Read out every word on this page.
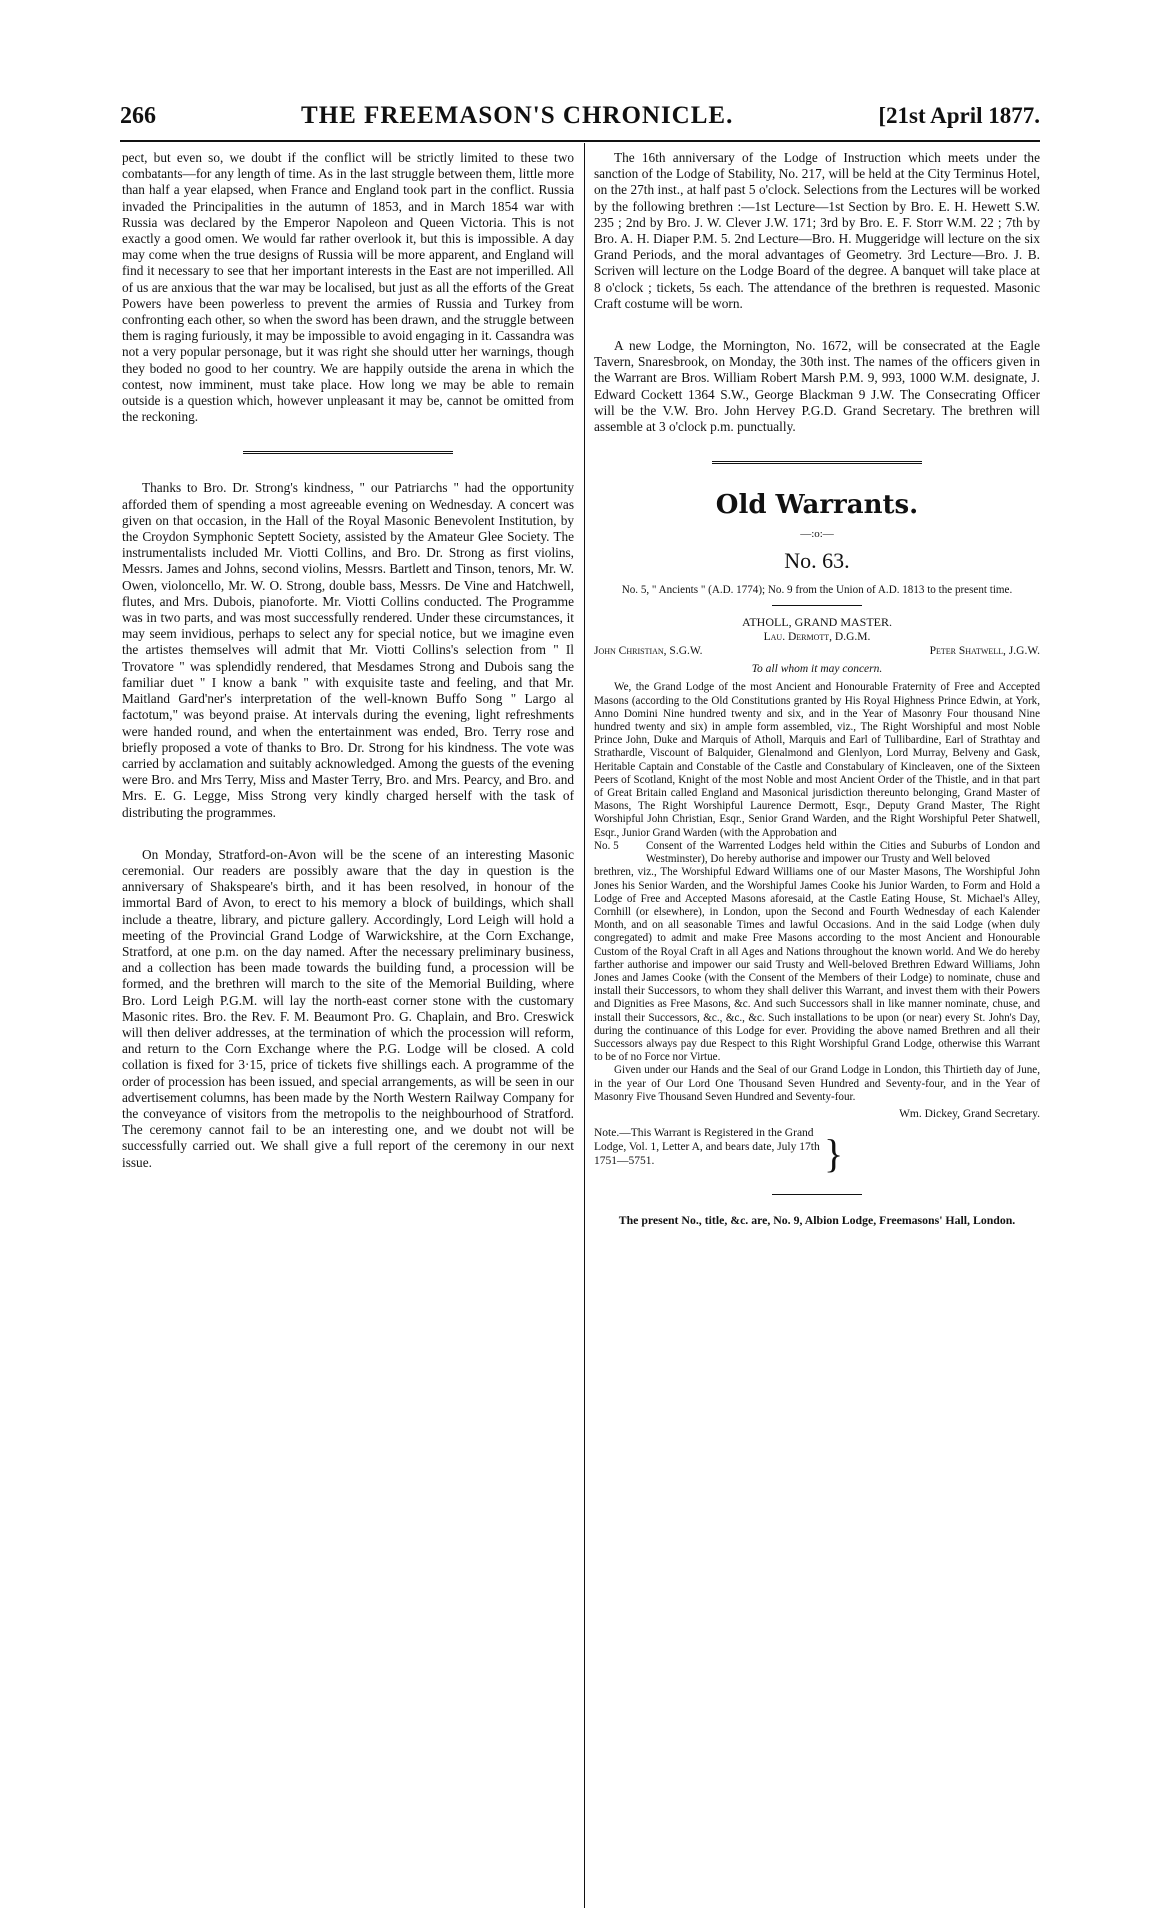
266	THE FREEMASON'S CHRONICLE.	[21st April 1877.

pect, but even so, we doubt if the conflict will be strictly limited to these two combatants—for any length of time. As in the last struggle between them, little more than half a year elapsed, when France and England took part in the conflict. Russia invaded the Principalities in the autumn of 1853, and in March 1854 war with Russia was declared by the Emperor Napoleon and Queen Victoria. This is not exactly a good omen. We would far rather overlook it, but this is impossible. A day may come when the true designs of Russia will be more apparent, and England will find it necessary to see that her important interests in the East are not imperilled. All of us are anxious that the war may be localised, but just as all the efforts of the Great Powers have been powerless to prevent the armies of Russia and Turkey from confronting each other, so when the sword has been drawn, and the struggle between them is raging furiously, it may be impossible to avoid engaging in it. Cassandra was not a very popular personage, but it was right she should utter her warnings, though they boded no good to her country. We are happily outside the arena in which the contest, now imminent, must take place. How long we may be able to remain outside is a question which, however unpleasant it may be, cannot be omitted from the reckoning.

Thanks to Bro. Dr. Strong's kindness, " our Patriarchs " had the opportunity afforded them of spending a most agreeable evening on Wednesday. A concert was given on that occasion, in the Hall of the Royal Masonic Benevolent Institution, by the Croydon Symphonic Septett Society, assisted by the Amateur Glee Society. The instrumentalists included Mr. Viotti Collins, and Bro. Dr. Strong as first violins, Messrs. James and Johns, second violins, Messrs. Bartlett and Tinson, tenors, Mr. W. Owen, violoncello, Mr. W. O. Strong, double bass, Messrs. De Vine and Hatchwell, flutes, and Mrs. Dubois, pianoforte. Mr. Viotti Collins conducted. The Programme was in two parts, and was most successfully rendered. Under these circumstances, it may seem invidious, perhaps to select any for special notice, but we imagine even the artistes themselves will admit that Mr. Viotti Collins's selection from " Il Trovatore " was splendidly rendered, that Mesdames Strong and Dubois sang the familiar duet " I know a bank " with exquisite taste and feeling, and that Mr. Maitland Gard'ner's interpretation of the well-known Buffo Song " Largo al factotum," was beyond praise. At intervals during the evening, light refreshments were handed round, and when the entertainment was ended, Bro. Terry rose and briefly proposed a vote of thanks to Bro. Dr. Strong for his kindness. The vote was carried by acclamation and suitably acknowledged. Among the guests of the evening were Bro. and Mrs Terry, Miss and Master Terry, Bro. and Mrs. Pearcy, and Bro. and Mrs. E. G. Legge, Miss Strong very kindly charged herself with the task of distributing the programmes.

On Monday, Stratford-on-Avon will be the scene of an interesting Masonic ceremonial. Our readers are possibly aware that the day in question is the anniversary of Shakspeare's birth, and it has been resolved, in honour of the immortal Bard of Avon, to erect to his memory a block of buildings, which shall include a theatre, library, and picture gallery. Accordingly, Lord Leigh will hold a meeting of the Provincial Grand Lodge of Warwickshire, at the Corn Exchange, Stratford, at one p.m. on the day named. After the necessary preliminary business, and a collection has been made towards the building fund, a procession will be formed, and the brethren will march to the site of the Memorial Building, where Bro. Lord Leigh P.G.M. will lay the north-east corner stone with the customary Masonic rites. Bro. the Rev. F. M. Beaumont Pro. G. Chaplain, and Bro. Creswick will then deliver addresses, at the termination of which the procession will reform, and return to the Corn Exchange where the P.G. Lodge will be closed. A cold collation is fixed for 3·15, price of tickets five shillings each. A programme of the order of procession has been issued, and special arrangements, as will be seen in our advertisement columns, has been made by the North Western Railway Company for the conveyance of visitors from the metropolis to the neighbourhood of Stratford. The ceremony cannot fail to be an interesting one, and we doubt not will be successfully carried out. We shall give a full report of the ceremony in our next issue.

The 16th anniversary of the Lodge of Instruction which meets under the sanction of the Lodge of Stability, No. 217, will be held at the City Terminus Hotel, on the 27th inst., at half past 5 o'clock. Selections from the Lectures will be worked by the following brethren :—1st Lecture—1st Section by Bro. E. H. Hewett S.W. 235 ; 2nd by Bro. J. W. Clever J.W. 171; 3rd by Bro. E. F. Storr W.M. 22 ; 7th by Bro. A. H. Diaper P.M. 5. 2nd Lecture—Bro. H. Muggeridge will lecture on the six Grand Periods, and the moral advantages of Geometry. 3rd Lecture—Bro. J. B. Scriven will lecture on the Lodge Board of the degree. A banquet will take place at 8 o'clock ; tickets, 5s each. The attendance of the brethren is requested. Masonic Craft costume will be worn.

A new Lodge, the Mornington, No. 1672, will be consecrated at the Eagle Tavern, Snaresbrook, on Monday, the 30th inst. The names of the officers given in the Warrant are Bros. William Robert Marsh P.M. 9, 993, 1000 W.M. designate, J. Edward Cockett 1364 S.W., George Blackman 9 J.W. The Consecrating Officer will be the V.W. Bro. John Hervey P.G.D. Grand Secretary. The brethren will assemble at 3 o'clock p.m. punctually.

Old Warrants.
—:o:—
No. 63.

No. 5, " Ancients " (A.D. 1774); No. 9 from the Union of A.D. 1813 to the present time.

ATHOLL, GRAND MASTER.

Lau. Dermott, D.G.M.

John Christian, S.G.W.	Peter Shatwell, J.G.W.
To all whom it may concern.

We, the Grand Lodge of the most Ancient and Honourable Fraternity of Free and Accepted Masons (according to the Old Constitutions granted by His Royal Highness Prince Edwin, at York, Anno Domini Nine hundred twenty and six, and in the Year of Masonry Four thousand Nine hundred twenty and six) in ample form assembled, viz., The Right Worshipful and most Noble Prince John, Duke and Marquis of Atholl, Marquis and Earl of Tullibardine, Earl of Strathtay and Strathardle, Viscount of Balquider, Glenalmond and Glenlyon, Lord Murray, Belveny and Gask, Heritable Captain and Constable of the Castle and Constabulary of Kincleaven, one of the Sixteen Peers of Scotland, Knight of the most Noble and most Ancient Order of the Thistle, and in that part of Great Britain called England and Masonical jurisdiction thereunto belonging, Grand Master of Masons, The Right Worshipful Laurence Dermott, Esqr., Deputy Grand Master, The Right Worshipful John Christian, Esqr., Senior Grand Warden, and the Right Worshipful Peter Shatwell, Esqr., Junior Grand Warden (with the Approbation and

No. 5	Consent of the Warrented Lodges held within the Cities and Suburbs of London and Westminster), Do hereby authorise and impower our Trusty and Well beloved

brethren, viz., The Worshipful Edward Williams one of our Master Masons, The Worshipful John Jones his Senior Warden, and the Worshipful James Cooke his Junior Warden, to Form and Hold a Lodge of Free and Accepted Masons aforesaid, at the Castle Eating House, St. Michael's Alley, Cornhill (or elsewhere), in London, upon the Second and Fourth Wednesday of each Kalender Month, and on all seasonable Times and lawful Occasions. And in the said Lodge (when duly congregated) to admit and make Free Masons according to the most Ancient and Honourable Custom of the Royal Craft in all Ages and Nations throughout the known world. And We do hereby farther authorise and impower our said Trusty and Well-beloved Brethren Edward Williams, John Jones and James Cooke (with the Consent of the Members of their Lodge) to nominate, chuse and install their Successors, to whom they shall deliver this Warrant, and invest them with their Powers and Dignities as Free Masons, &c. And such Successors shall in like manner nominate, chuse, and install their Successors, &c., &c., &c. Such installations to be upon (or near) every St. John's Day, during the continuance of this Lodge for ever. Providing the above named Brethren and all their Successors always pay due Respect to this Right Worshipful Grand Lodge, otherwise this Warrant to be of no Force nor Virtue.

Given under our Hands and the Seal of our Grand Lodge in London, this Thirtieth day of June, in the year of Our Lord One Thousand Seven Hundred and Seventy-four, and in the Year of Masonry Five Thousand Seven Hundred and Seventy-four.

Wm. Dickey, Grand Secretary.
Note.—This Warrant is Registered in the Grand Lodge, Vol. 1, Letter A, and bears date, July 17th 1751—5751.	}
The present No., title, &c. are, No. 9, Albion Lodge, Freemasons' Hall, London.
